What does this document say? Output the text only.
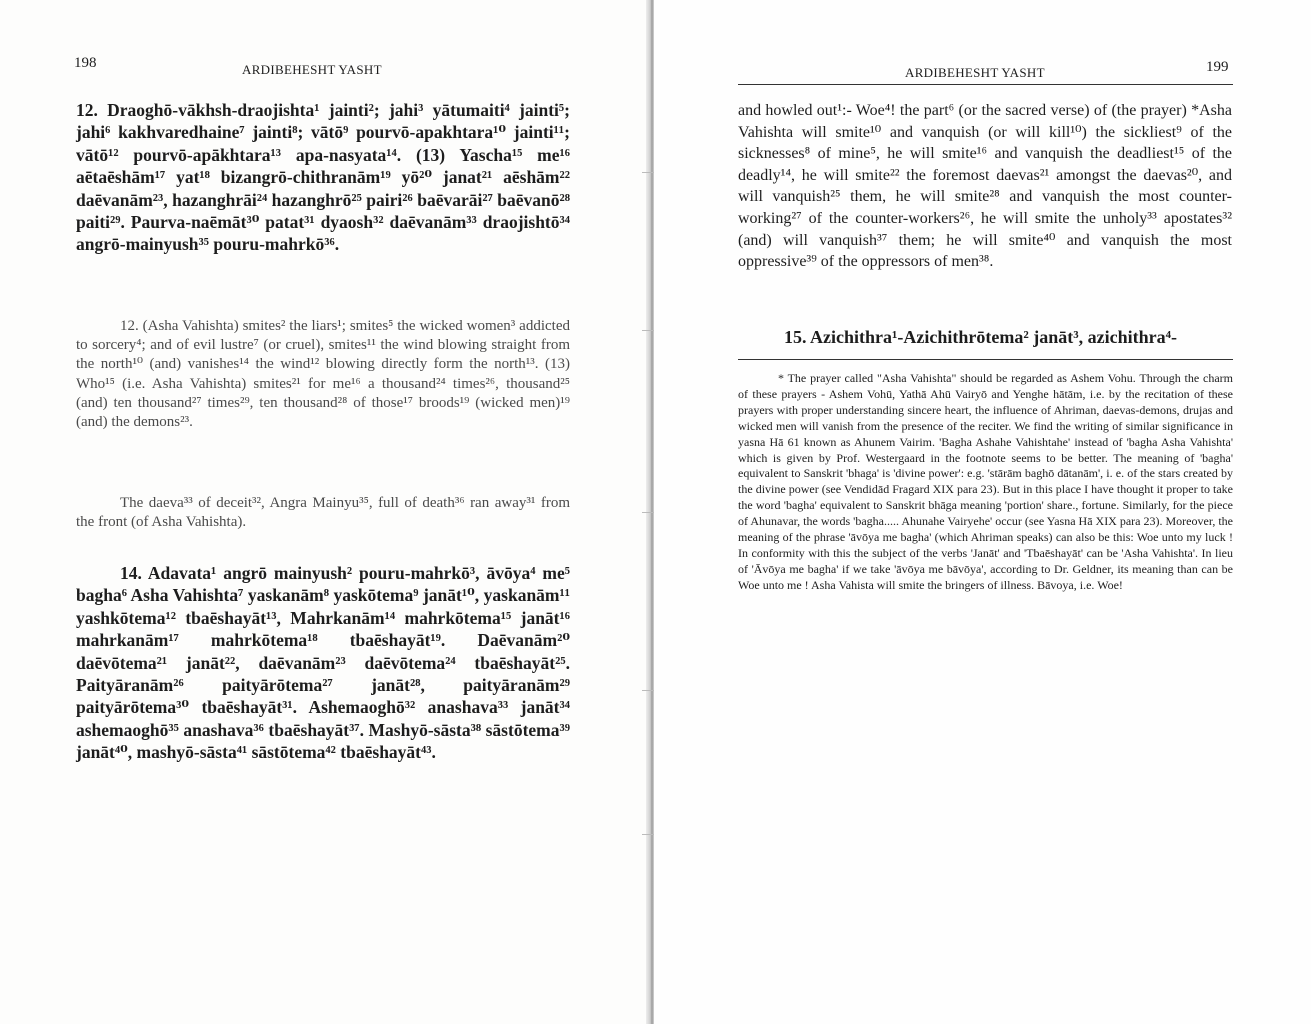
198	ARDIBEHESHT YASHT

12. Draoghō-vākhsh-draojishta¹ jainti²; jahi³ yātumaiti⁴ jainti⁵; jahi⁶ kakhvaredhaine⁷ jainti⁸; vātō⁹ pourvō-apakhtara¹⁰ jainti¹¹; vātō¹² pourvō-apākhtara¹³ apa-nasyata¹⁴. (13) Yascha¹⁵ me¹⁶ aētaēshām¹⁷ yat¹⁸ bizangrō-chithranām¹⁹ yō²⁰ janat²¹ aēshām²² daēvanām²³, hazanghrāi²⁴ hazanghrō²⁵ pairi²⁶ baēvarāi²⁷ baēvanō²⁸ paiti²⁹. Paurva-naēmāt³⁰ patat³¹ dyaosh³² daēvanām³³ draojishtō³⁴ angrō-mainyush³⁵ pouru-mahrkō³⁶.

12. (Asha Vahishta) smites² the liars¹; smites⁵ the wicked women³ addicted to sorcery⁴; and of evil lustre⁷ (or cruel), smites¹¹ the wind blowing straight from the north¹⁰ (and) vanishes¹⁴ the wind¹² blowing directly form the north¹³. (13) Who¹⁵ (i.e. Asha Vahishta) smites²¹ for me¹⁶ a thousand²⁴ times²⁶, thousand²⁵ (and) ten thousand²⁷ times²⁹, ten thousand²⁸ of those¹⁷ broods¹⁹ (wicked men)¹⁹ (and) the demons²³.

The daeva³³ of deceit³², Angra Mainyu³⁵, full of death³⁶ ran away³¹ from the front (of Asha Vahishta).

14. Adavata¹ angrō mainyush² pouru-mahrkō³, āvōya⁴ me⁵ bagha⁶ Asha Vahishta⁷ yaskanām⁸ yaskōtema⁹ janāt¹⁰, yaskanām¹¹ yashkōtema¹² tbaēshayāt¹³, Mahrkanām¹⁴ mahrkōtema¹⁵ janāt¹⁶ mahrkanām¹⁷ mahrkōtema¹⁸ tbaēshayāt¹⁹. Daēvanām²⁰ daēvōtema²¹ janāt²², daēvanām²³ daēvōtema²⁴ tbaēshayāt²⁵. Paityāranām²⁶ paityārōtema²⁷ janāt²⁸, paityāranām²⁹ paityārōtema³⁰ tbaēshayāt³¹. Ashemaoghō³² anashava³³ janāt³⁴ ashemaoghō³⁵ anashava³⁶ tbaēshayāt³⁷. Mashyō-sāsta³⁸ sāstōtema³⁹ janāt⁴⁰, mashyō-sāsta⁴¹ sāstōtema⁴² tbaēshayāt⁴³.

ARDIBEHESHT YASHT	199

and howled out¹:- Woe⁴! the part⁶ (or the sacred verse) of (the prayer) *Asha Vahishta will smite¹⁰ and vanquish (or will kill¹⁰) the sickliest⁹ of the sicknesses⁸ of mine⁵, he will smite¹⁶ and vanquish the deadliest¹⁵ of the deadly¹⁴, he will smite²² the foremost daevas²¹ amongst the daevas²⁰, and will vanquish²⁵ them, he will smite²⁸ and vanquish the most counter-working²⁷ of the counter-workers²⁶, he will smite the unholy³³ apostates³² (and) will vanquish³⁷ them; he will smite⁴⁰ and vanquish the most oppressive³⁹ of the oppressors of men³⁸.

15. Azichithra¹-Azichithrōtema² janāt³, azichithra⁴-

* The prayer called "Asha Vahishta" should be regarded as Ashem Vohu. Through the charm of these prayers - Ashem Vohū, Yathā Ahū Vairyō and Yenghe hātām, i.e. by the recitation of these prayers with proper understanding sincere heart, the influence of Ahriman, daevas-demons, drujas and wicked men will vanish from the presence of the reciter. We find the writing of similar significance in yasna Hā 61 known as Ahunem Vairim. 'Bagha Ashahe Vahishtahe' instead of 'bagha Asha Vahishta' which is given by Prof. Westergaard in the footnote seems to be better. The meaning of 'bagha' equivalent to Sanskrit 'bhaga' is 'divine power': e.g. 'stārām baghō dātanām', i. e. of the stars created by the divine power (see Vendidād Fragard XIX para 23). But in this place I have thought it proper to take the word 'bagha' equivalent to Sanskrit bhāga meaning 'portion' share., fortune. Similarly, for the piece of Ahunavar, the words 'bagha..... Ahunahe Vairyehe' occur (see Yasna Hā XIX para 23). Moreover, the meaning of the phrase 'āvōya me bagha' (which Ahriman speaks) can also be this: Woe unto my luck ! In conformity with this the subject of the verbs 'Janāt' and 'Tbaēshayāt' can be 'Asha Vahishta'. In lieu of 'Āvōya me bagha' if we take 'āvōya me bāvōya', according to Dr. Geldner, its meaning than can be Woe unto me ! Asha Vahista will smite the bringers of illness. Bāvoya, i.e. Woe!
